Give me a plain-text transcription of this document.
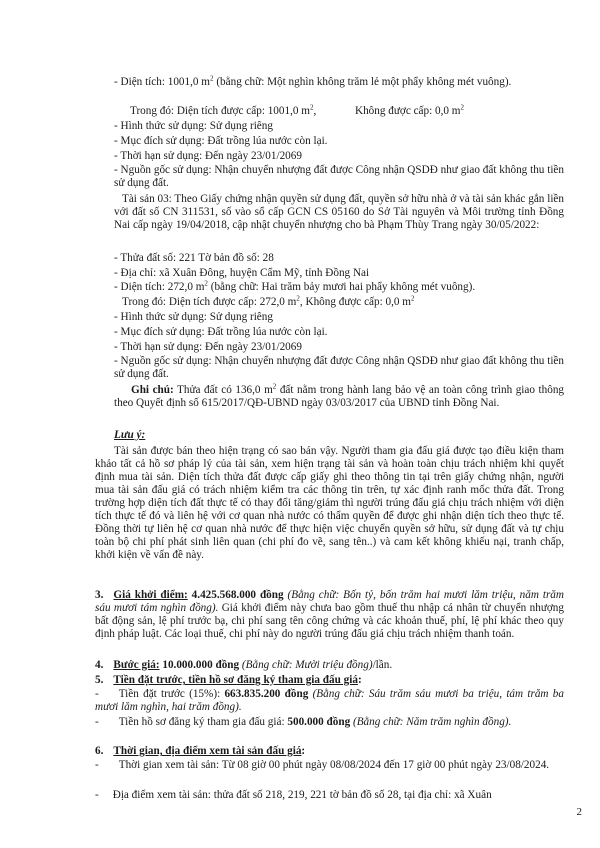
- Diện tích: 1001,0 $m^2$ (bằng chữ: Một nghìn không trăm lẻ một phẩy không mét vuông).
Trong đó: Diện tích được cấp: 1001,0 $m^2$,	Không được cấp: 0,0 $m^2$
- Hình thức sử dụng: Sử dụng riêng
- Mục đích sử dụng: Đất trồng lúa nước còn lại.
- Thời hạn sử dụng: Đến ngày 23/01/2069
- Nguồn gốc sử dụng: Nhận chuyển nhượng đất được Công nhận QSDĐ như giao đất không thu tiền sử dụng đất.
Tài sản 03: Theo Giấy chứng nhận quyền sử dụng đất, quyền sở hữu nhà ở và tài sản khác gắn liền với đất số CN 311531, số vào sổ cấp GCN CS 05160 do Sở Tài nguyên và Môi trường tỉnh Đồng Nai cấp ngày 19/04/2018, cập nhật chuyển nhượng cho bà Phạm Thùy Trang ngày 30/05/2022:
- Thửa đất số: 221 Tờ bản đồ số: 28
- Địa chỉ: xã Xuân Đông, huyện Cẩm Mỹ, tỉnh Đồng Nai
- Diện tích: 272,0 $m^2$ (bằng chữ: Hai trăm bảy mươi hai phẩy không mét vuông).
Trong đó: Diện tích được cấp: 272,0 $m^2$, Không được cấp: 0,0 $m^2$
- Hình thức sử dụng: Sử dụng riêng
- Mục đích sử dụng: Đất trồng lúa nước còn lại.
- Thời hạn sử dụng: Đến ngày 23/01/2069
- Nguồn gốc sử dụng: Nhận chuyển nhượng đất được Công nhận QSDĐ như giao đất không thu tiền sử dụng đất.
Ghi chú: Thửa đất có 136,0 $m^2$ đất nằm trong hành lang bảo vệ an toàn công trình giao thông theo Quyết định số 615/2017/QĐ-UBND ngày 03/03/2017 của UBND tỉnh Đồng Nai.
Lưu ý:
Tài sản được bán theo hiện trạng có sao bán vậy. Người tham gia đấu giá được tạo điều kiện tham khảo tất cả hồ sơ pháp lý của tài sản, xem hiện trạng tài sản và hoàn toàn chịu trách nhiệm khi quyết định mua tài sản. Diện tích thửa đất được cấp giấy ghi theo thông tin tại trên giấy chứng nhận, người mua tài sản đấu giá có trách nhiệm kiểm tra các thông tin trên, tự xác định ranh mốc thửa đất. Trong trường hợp diện tích đất thực tế có thay đổi tăng/giảm thì người trúng đấu giá chịu trách nhiệm với diện tích thực tế đó và liên hệ với cơ quan nhà nước có thẩm quyền để được ghi nhận diện tích theo thực tế. Đồng thời tự liên hệ cơ quan nhà nước để thực hiện việc chuyển quyền sở hữu, sử dụng đất và tự chịu toàn bộ chi phí phát sinh liên quan (chi phí đo vẽ, sang tên..) và cam kết không khiếu nại, tranh chấp, khởi kiện về vấn đề này.
3. Giá khởi điểm: 4.425.568.000 đồng (Bằng chữ: Bốn tỷ, bốn trăm hai mươi lăm triệu, năm trăm sáu mươi tám nghìn đồng). Giá khởi điểm này chưa bao gồm thuế thu nhập cá nhân từ chuyển nhượng bất động sản, lệ phí trước bạ, chi phí sang tên công chứng và các khoản thuế, phí, lệ phí khác theo quy định pháp luật. Các loại thuế, chi phí này do người trúng đấu giá chịu trách nhiệm thanh toán.
4. Bước giá: 10.000.000 đồng (Bằng chữ: Mười triệu đồng)/lần.
5. Tiền đặt trước, tiền hồ sơ đăng ký tham gia đấu giá:
- Tiền đặt trước (15%): 663.835.200 đồng (Bằng chữ: Sáu trăm sáu mươi ba triệu, tám trăm ba mươi lăm nghìn, hai trăm đồng).
- Tiền hồ sơ đăng ký tham gia đấu giá: 500.000 đồng (Bằng chữ: Năm trăm nghìn đồng).
6. Thời gian, địa điểm xem tài sản đấu giá:
- Thời gian xem tài sản: Từ 08 giờ 00 phút ngày 08/08/2024 đến 17 giờ 00 phút ngày 23/08/2024.
- Địa điểm xem tài sản: thửa đất số 218, 219, 221 tờ bản đồ số 28, tại địa chỉ: xã Xuân
2
